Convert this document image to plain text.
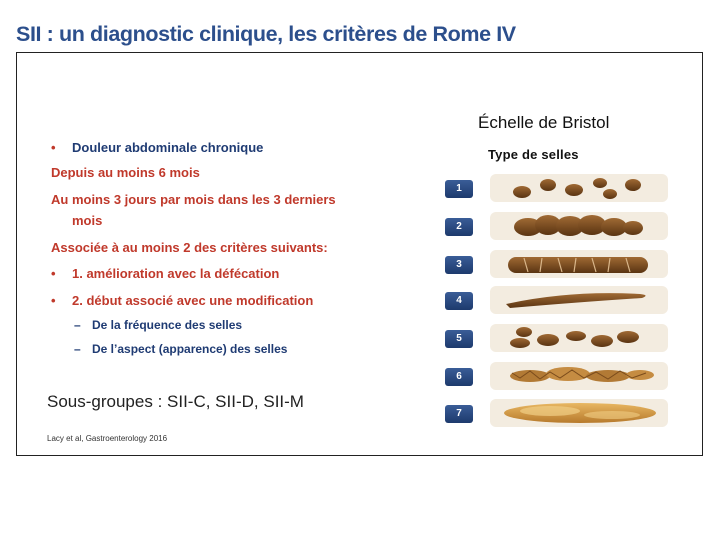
SII : un diagnostic clinique, les critères de Rome IV
• Douleur abdominale chronique
Depuis au moins 6 mois
Au moins 3 jours par mois dans les 3 derniers
mois
Associée à au moins 2 des critères suivants:
• 1. amélioration avec la défécation
• 2. début associé avec une modification
– De la fréquence des selles
– De l’aspect (apparence) des selles
Sous-groupes : SII-C, SII-D, SII-M
Lacy et al, Gastroenterology 2016
Échelle de Bristol
Type de selles
1
2
3
4
5
6
7
